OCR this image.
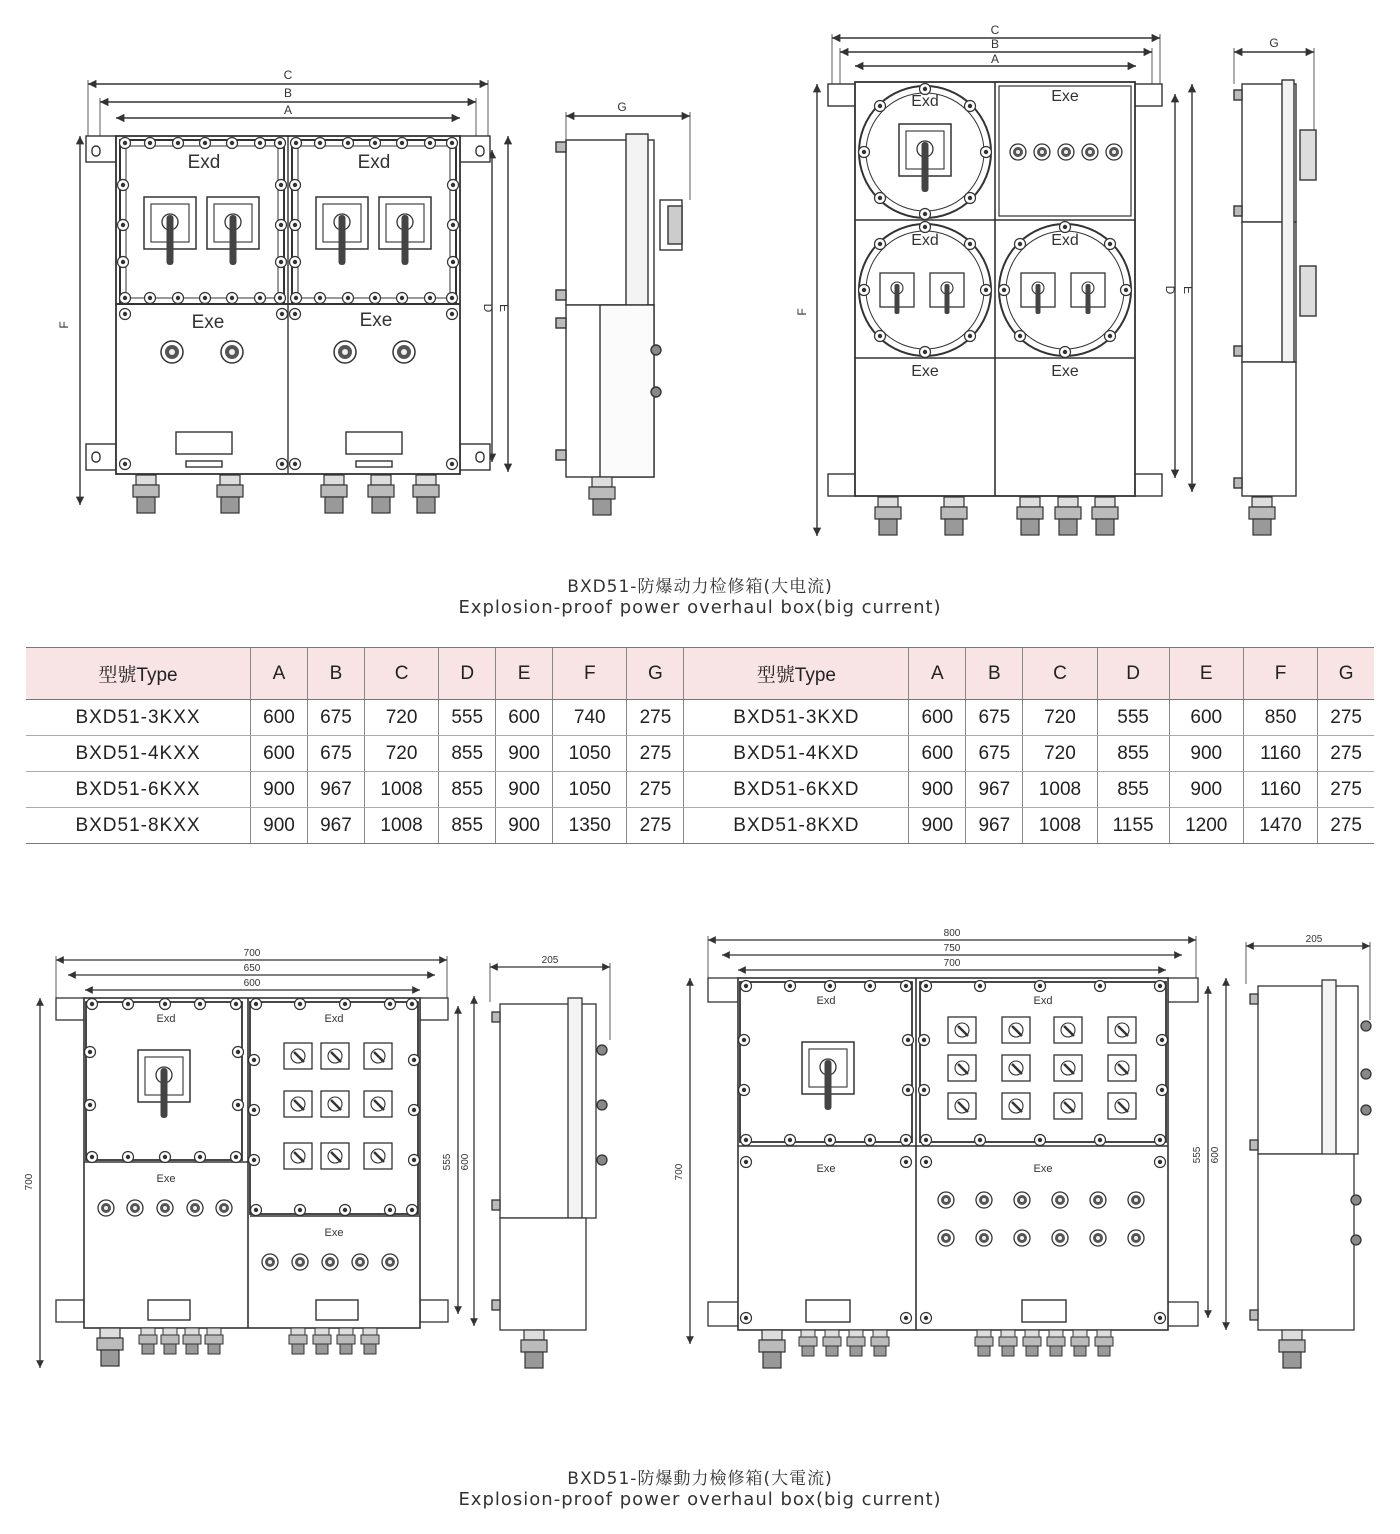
C
B
A
F
D E
G
Exd	Exd
Exe	Exe
C
B
A
F
D E
G
Exd	Exe
Exd	Exd
Exe	Exe
700
650
600
700
555 600
205
Exd	Exd
Exe
Exe
800
750
700
700
555 600
205
Exd	Exd
Exe	Exe
BXD51-防爆动力检修箱(大电流)
Explosion-proof power overhaul box(big current)
型號Type	A	B	C	D	E	F	G	型號Type	A	B	C	D	E	F	G
BXD51-3KXX	600	675	720	555	600	740	275	BXD51-3KXD	600	675	720	555	600	850	275
BXD51-4KXX	600	675	720	855	900	1050	275	BXD51-4KXD	600	675	720	855	900	1160	275
BXD51-6KXX	900	967	1008	855	900	1050	275	BXD51-6KXD	900	967	1008	855	900	1160	275
BXD51-8KXX	900	967	1008	855	900	1350	275	BXD51-8KXD	900	967	1008	1155	1200	1470	275
BXD51-防爆動力檢修箱(大電流)
Explosion-proof power overhaul box(big current)
